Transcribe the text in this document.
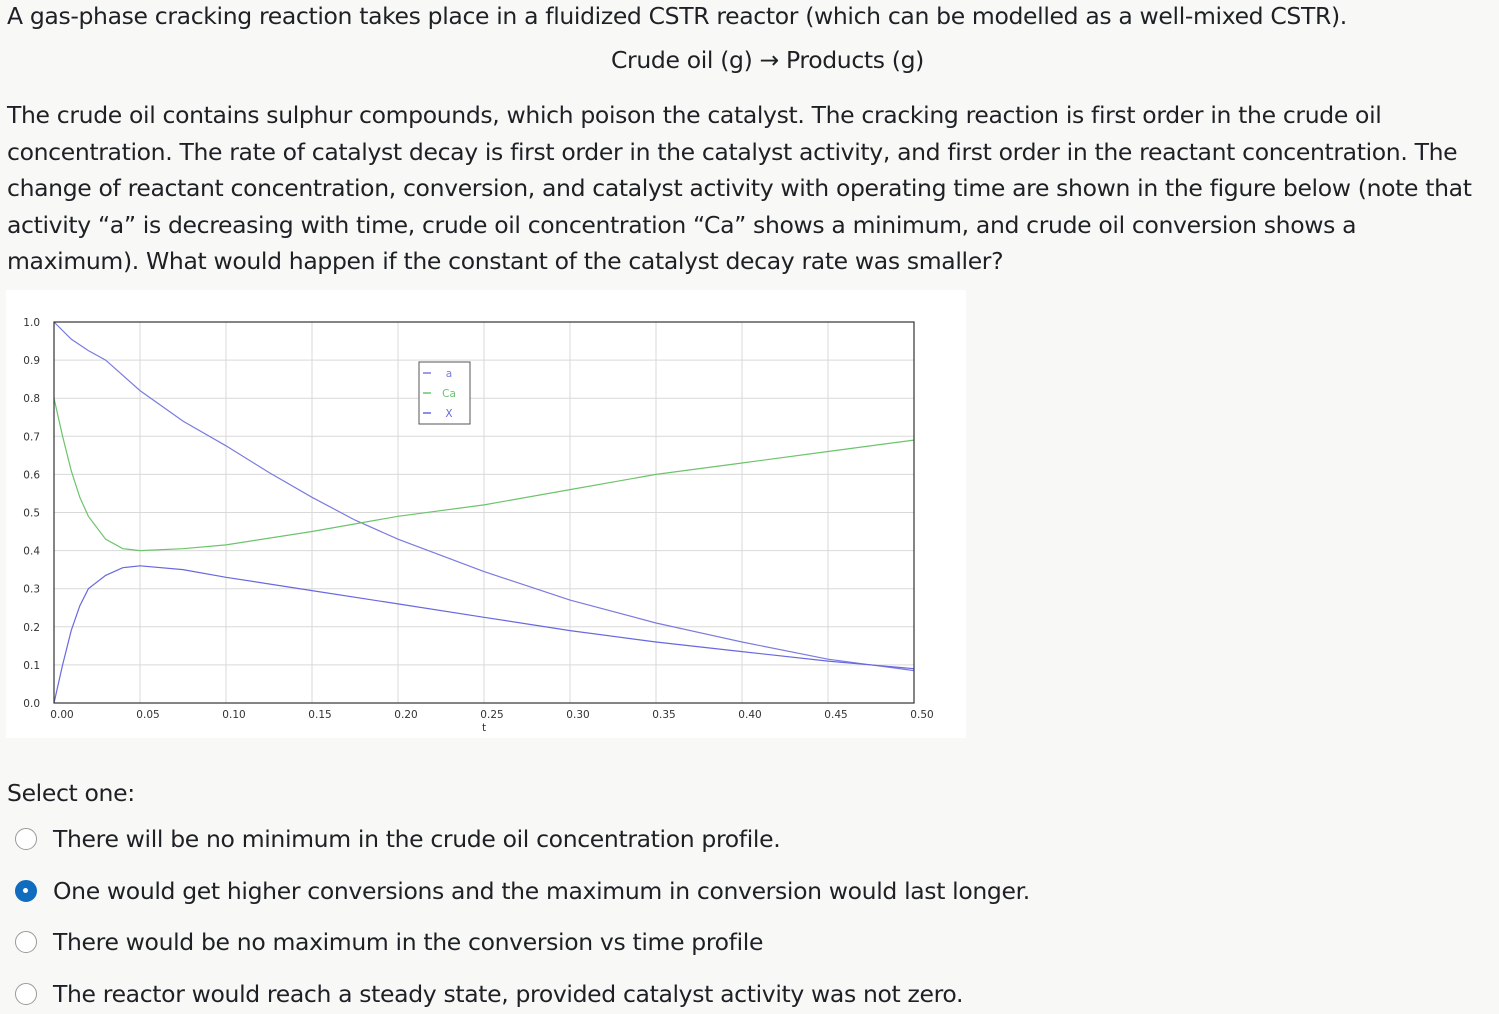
A gas-phase cracking reaction takes place in a fluidized CSTR reactor (which can be modelled as a well-mixed CSTR).

Crude oil (g) → Products (g)

The crude oil contains sulphur compounds, which poison the catalyst. The cracking reaction is first order in the crude oil concentration. The rate of catalyst decay is first order in the catalyst activity, and first order in the reactant concentration. The change of reactant concentration, conversion, and catalyst activity with operating time are shown in the figure below (note that activity “a” is decreasing with time, crude oil concentration “Ca” shows a minimum, and crude oil conversion shows a maximum). What would happen if the constant of the catalyst decay rate was smaller?

0.00	0.05	0.10	0.15	0.20	0.25	0.30	0.35	0.40	0.45	0.50
0.0
0.1
0.2
0.3
0.4
0.5
0.6
0.7
0.8
0.9
1.0
t
a
Ca
X
Select one:
There will be no minimum in the crude oil concentration profile.
One would get higher conversions and the maximum in conversion would last longer.
There would be no maximum in the conversion vs time profile
The reactor would reach a steady state, provided catalyst activity was not zero.
